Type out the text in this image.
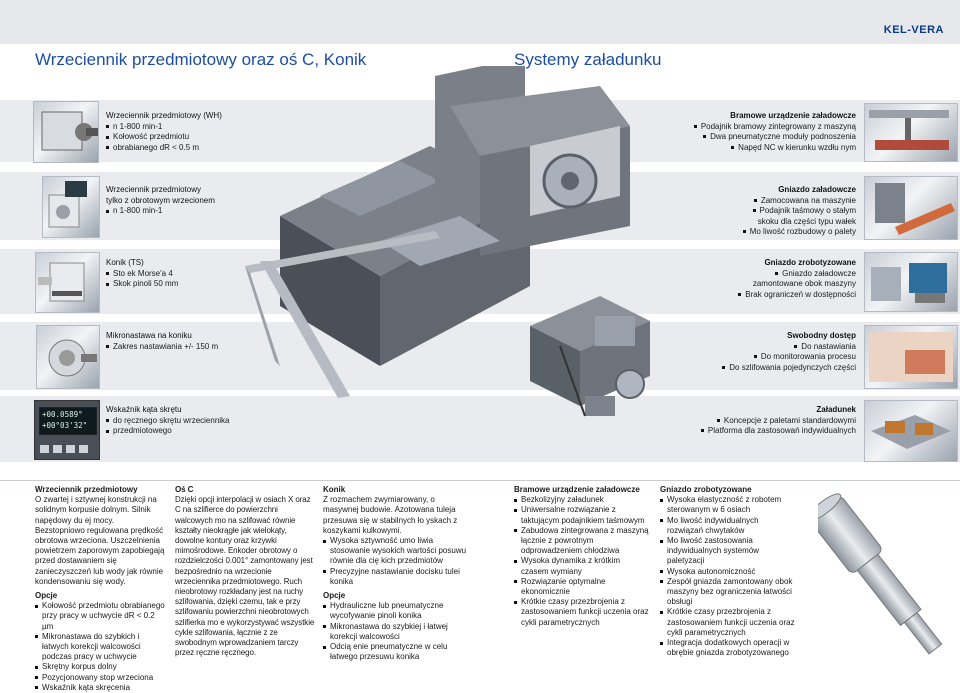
KEL-VERA
Wrzeciennik przedmiotowy oraz oś C, Konik	Systemy załadunku
+00.0589°
+00°03'32"
Wrzeciennik przedmiotowy (WH)
n 1-800 min-1
Kołowość przedmiotu
obrabianego dR < 0.5 m
Wrzeciennik przedmiotowy
tylko z obrotowym wrzecionem
n 1-800 min-1
Konik (TS)
Sto ek Morse'a 4
Skok pinoli 50 mm
Mikronastawa na koniku
Zakres nastawiania +/- 150 m
Wskaźnik kąta skrętu
do ręcznego skrętu wrzeciennika
przedmiotowego
Bramowe urządzenie załadowcze
Podajnik bramowy zintegrowany z maszyną
Dwa pneumatyczne moduły podnoszenia
Napęd NC w kierunku wzdłu nym
Gniazdo załadowcze
Zamocowana na maszynie
Podajnik taśmowy o stałym
skoku dla części typu wałek
Mo liwość rozbudowy o palety
Gniazdo zrobotyzowane
Gniazdo załadowcze
zamontowane obok maszyny
Brak ograniczeń w dostępności
Swobodny dostęp
Do nastawiania
Do monitorowania procesu
Do szlifowania pojedynczych części
Załadunek
Koncepcje z paletami standardowymi
Platforma dla zastosowań indywidualnych
Wrzeciennik przedmiotowy

O zwartej i sztywnej konstrukcji na solidnym korpusie dolnym. Silnik napędowy du ej mocy. Bezstopniowo regulowana prędkość obrotowa wrzeciona. Uszczelnienia powietrzem zaporowym zapobiegają przed dostawaniem się zanieczyszczeń lub wody jak równie kondensowaniu się wody.

Opcje
Kołowość przedmiotu obrabianego przy pracy w uchwycie dR < 0.2 µm
Mikronastawa do szybkich i łatwych korekcji walcowości podczas pracy w uchwycie
Skrętny korpus dolny
Pozycjonowany stop wrzeciona
Wskaźnik kąta skręcenia
Oś C

Dzięki opcji interpolacji w osiach X oraz C na szlifierce do powierzchni walcowych mo na szlifować równie kształty nieokrągłe jak wielokąty, dowolne kontury oraz krzywki mimośrodowe. Enkoder obrotowy o rozdzielczości 0.001° zamontowany jest bezpośrednio na wrzecionie wrzeciennika przedmiotowego. Ruch nieobrotowy rozkładany jest na ruchy szlifowania, dzięki czemu, tak e przy szlifowaniu powierzchni nieobrotowych szlifierka mo e wykorzystywać wszystkie cykle szlifowania, łącznie z ze swobodnym wprowadzaniem tarczy przez ręczne ręcznego.

Konik

Z rozmachem zwymiarowany, o masywnej budowie. Azotowana tuleja przesuwa się w stabilnych ło yskach z koszykami kulkowymi.

Wysoka sztywność umo liwia stosowanie wysokich wartości posuwu równie dla cię kich przedmiotów
Precyzyjne nastawianie docisku tulei konika
Opcje
Hydrauliczne lub pneumatyczne wycofywanie pinoli konika
Mikronastawa do szybkiej i łatwej korekcji walcowości
Odcią enie pneumatyczne w celu łatwego przesuwu konika
Bramowe urządzenie załadowcze
Bezkolizyjny załadunek
Uniwersalne rozwiązanie z taktującym podajnikiem taśmowym
Zabudowa zintegrowana z maszyną łącznie z powrotnym odprowadzeniem chłodziwa
Wysoka dynamika z krótkim czasem wymiany
Rozwiązanie optymalne ekonomicznie
Krótkie czasy przezbrojenia z zastosowaniem funkcji uczenia oraz cykli parametrycznych
Gniazdo zrobotyzowane
Wysoka elastyczność z robotem sterowanym w 6 osiach
Mo liwość indywidualnych rozwiązań chwytaków
Mo liwość zastosowania indywidualnych systemów paletyzacji
Wysoka autonomiczność
Zespół gniazda zamontowany obok maszyny bez ograniczenia łatwości obsługi
Krótkie czasy przezbrojenia z zastosowaniem funkcji uczenia oraz cykli parametrycznych
Integracja dodatkowych operacji w obrębie gniazda zrobotyzowanego
